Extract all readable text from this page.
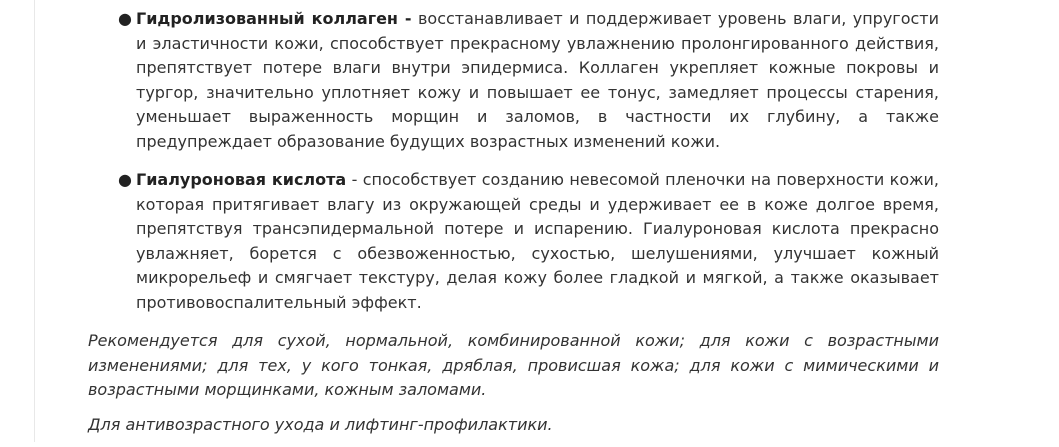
● Гидролизованный коллаген - восстанавливает и поддерживает уровень влаги, упругости и эластичности кожи, способствует прекрасному увлажнению пролонгированного действия, препятствует потере влаги внутри эпидермиса. Коллаген укрепляет кожные покровы и тургор, значительно уплотняет кожу и повышает ее тонус, замедляет процессы старения, уменьшает выраженность морщин и заломов, в частности их глубину, а также предупреждает образование будущих возрастных изменений кожи.
● Гиалуроновая кислота - способствует созданию невесомой пленочки на поверхности кожи, которая притягивает влагу из окружающей среды и удерживает ее в коже долгое время, препятствуя трансэпидермальной потере и испарению. Гиалуроновая кислота прекрасно увлажняет, борется с обезвоженностью, сухостью, шелушениями, улучшает кожный микрорельеф и смягчает текстуру, делая кожу более гладкой и мягкой, а также оказывает противовоспалительный эффект.

Рекомендуется для сухой, нормальной, комбинированной кожи; для кожи с возрастными изменениями; для тех, у кого тонкая, дряблая, провисшая кожа; для кожи с мимическими и возрастными морщинками, кожным заломами.

Для антивозрастного ухода и лифтинг-профилактики.
